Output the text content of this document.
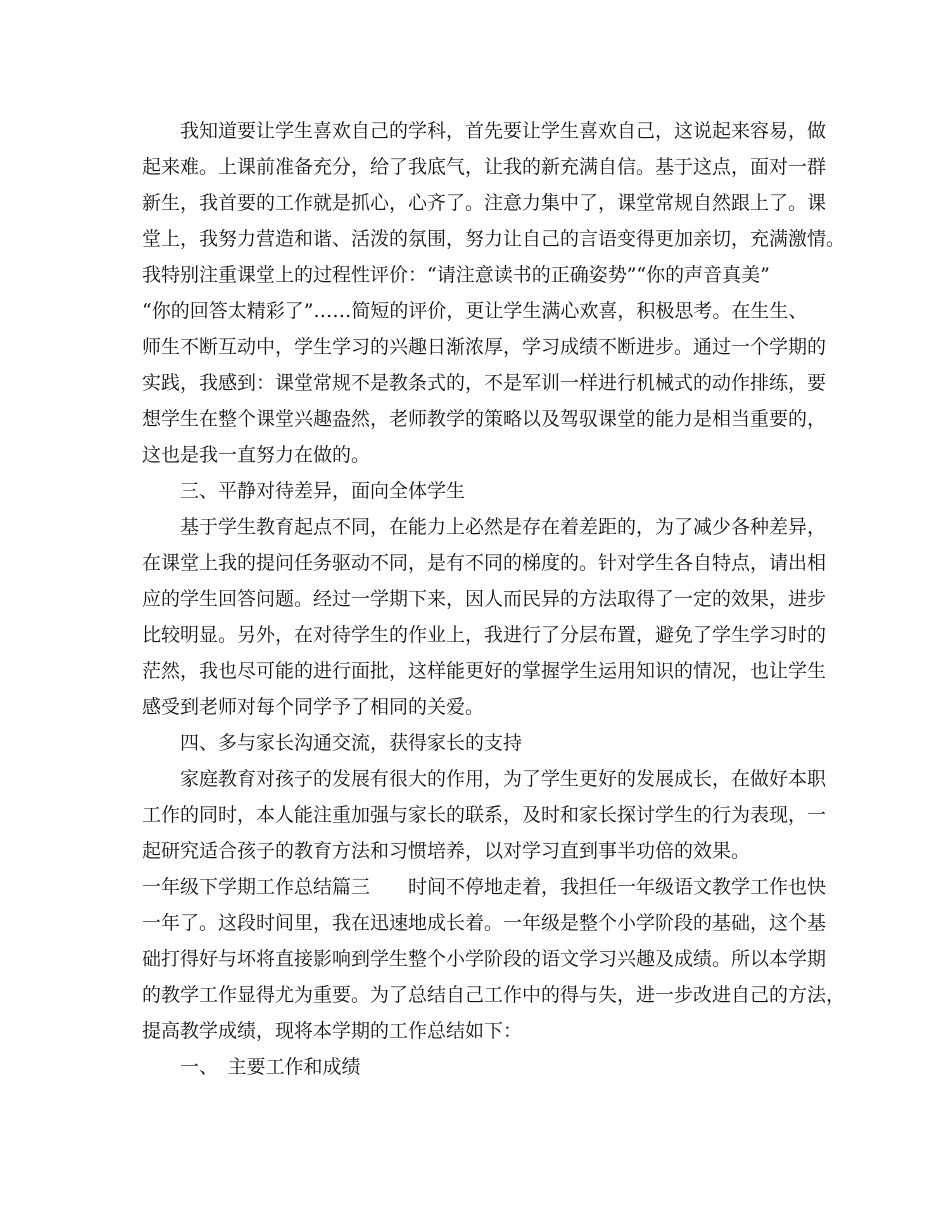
　　我知道要让学生喜欢自己的学科，首先要让学生喜欢自己，这说起来容易，做
起来难。上课前准备充分，给了我底气，让我的新充满自信。基于这点，面对一群
新生，我首要的工作就是抓心，心齐了。注意力集中了，课堂常规自然跟上了。课
堂上，我努力营造和谐、活泼的氛围，努力让自己的言语变得更加亲切，充满激情。
我特别注重课堂上的过程性评价：“请注意读书的正确姿势”“你的声音真美”
“你的回答太精彩了”……简短的评价，更让学生满心欢喜，积极思考。在生生、
师生不断互动中，学生学习的兴趣日渐浓厚，学习成绩不断进步。通过一个学期的
实践，我感到：课堂常规不是教条式的，不是军训一样进行机械式的动作排练，要
想学生在整个课堂兴趣盎然，老师教学的策略以及驾驭课堂的能力是相当重要的，
这也是我一直努力在做的。
　　三、平静对待差异，面向全体学生
　　基于学生教育起点不同，在能力上必然是存在着差距的，为了减少各种差异，
在课堂上我的提问任务驱动不同，是有不同的梯度的。针对学生各自特点，请出相
应的学生回答问题。经过一学期下来，因人而民异的方法取得了一定的效果，进步
比较明显。另外，在对待学生的作业上，我进行了分层布置，避免了学生学习时的
茫然，我也尽可能的进行面批，这样能更好的掌握学生运用知识的情况，也让学生
感受到老师对每个同学予了相同的关爱。
　　四、多与家长沟通交流，获得家长的支持
　　家庭教育对孩子的发展有很大的作用，为了学生更好的发展成长，在做好本职
工作的同时，本人能注重加强与家长的联系，及时和家长探讨学生的行为表现，一
起研究适合孩子的教育方法和习惯培养，以对学习直到事半功倍的效果。
一年级下学期工作总结篇三　　时间不停地走着，我担任一年级语文教学工作也快
一年了。这段时间里，我在迅速地成长着。一年级是整个小学阶段的基础，这个基
础打得好与坏将直接影响到学生整个小学阶段的语文学习兴趣及成绩。所以本学期
的教学工作显得尤为重要。为了总结自己工作中的得与失，进一步改进自己的方法，
提高教学成绩，现将本学期的工作总结如下：
　　一、　主要工作和成绩
